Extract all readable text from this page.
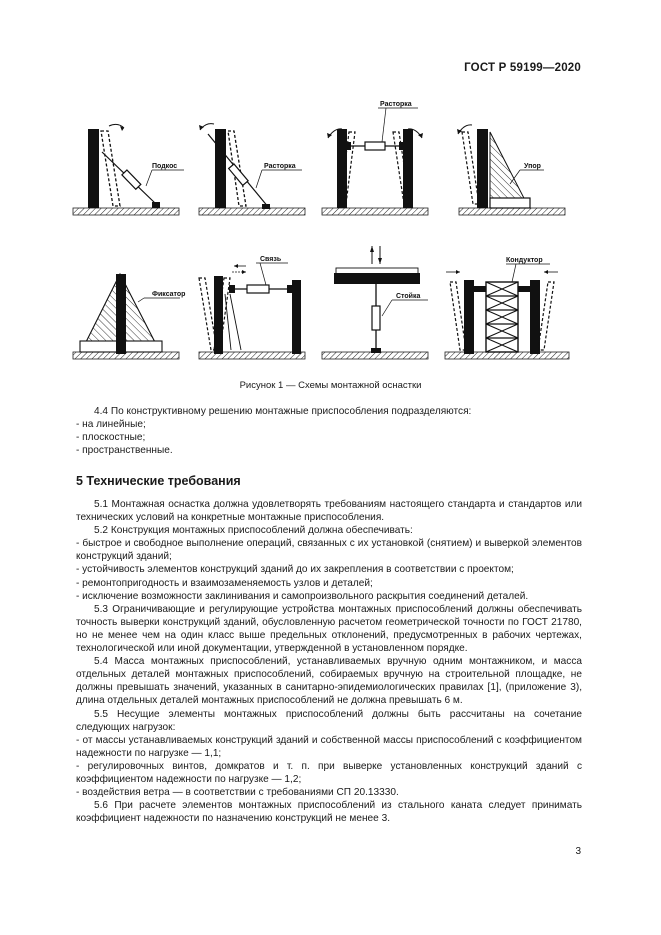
ГОСТ Р 59199—2020
Подкос	Расторка
Расторка
Упор
Фиксатор
Связь
Стойка
Кондуктор
Рисунок 1 — Схемы монтажной оснастки

4.4 По конструктивному решению монтажные приспособления подразделяются:

- на линейные;

- плоскостные;

- пространственные.

5 Технические требования

5.1 Монтажная оснастка должна удовлетворять требованиям настоящего стандарта и стандартов или технических условий на конкретные монтажные приспособления.

5.2 Конструкция монтажных приспособлений должна обеспечивать:

- быстрое и свободное выполнение операций, связанных с их установкой (снятием) и выверкой элементов конструкций зданий;

- устойчивость элементов конструкций зданий до их закрепления в соответствии с проектом;

- ремонтопригодность и взаимозаменяемость узлов и деталей;

- исключение возможности заклинивания и самопроизвольного раскрытия соединений деталей.

5.3 Ограничивающие и регулирующие устройства монтажных приспособлений должны обеспечивать точность выверки конструкций зданий, обусловленную расчетом геометрической точности по ГОСТ 21780, но не менее чем на один класс выше предельных отклонений, предусмотренных в рабочих чертежах, технологической или иной документации, утвержденной в установленном порядке.

5.4 Масса монтажных приспособлений, устанавливаемых вручную одним монтажником, и масса отдельных деталей монтажных приспособлений, собираемых вручную на строительной площадке, не должны превышать значений, указанных в санитарно-эпидемиологических правилах [1], (приложение 3), длина отдельных деталей монтажных приспособлений не должна превышать 6 м.

5.5 Несущие элементы монтажных приспособлений должны быть рассчитаны на сочетание следующих нагрузок:

- от массы устанавливаемых конструкций зданий и собственной массы приспособлений с коэффициентом надежности по нагрузке — 1,1;

- регулировочных винтов, домкратов и т. п. при выверке установленных конструкций зданий с коэффициентом надежности по нагрузке — 1,2;

- воздействия ветра — в соответствии с требованиями СП 20.13330.

5.6 При расчете элементов монтажных приспособлений из стального каната следует принимать коэффициент надежности по назначению конструкций не менее 3.

3
